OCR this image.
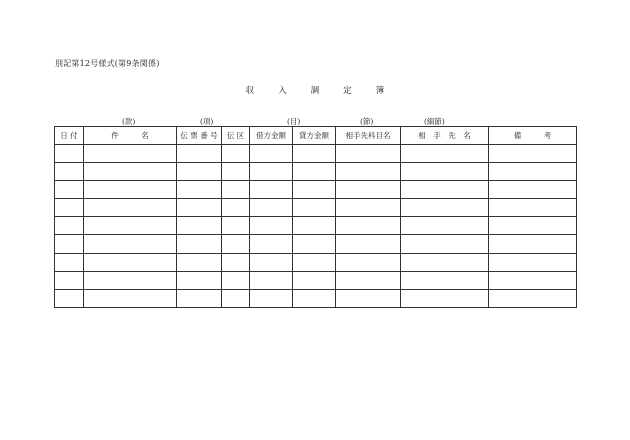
別記第12号様式(第9条関係)
収	入	調	定	簿
(款)	(項)	(目)	(節)	(細節)
日 付	件　　　名	伝 票 番 号	伝 区	借方金額	貸方金額	相手先科目名	相　手　先　名	備　　　考
